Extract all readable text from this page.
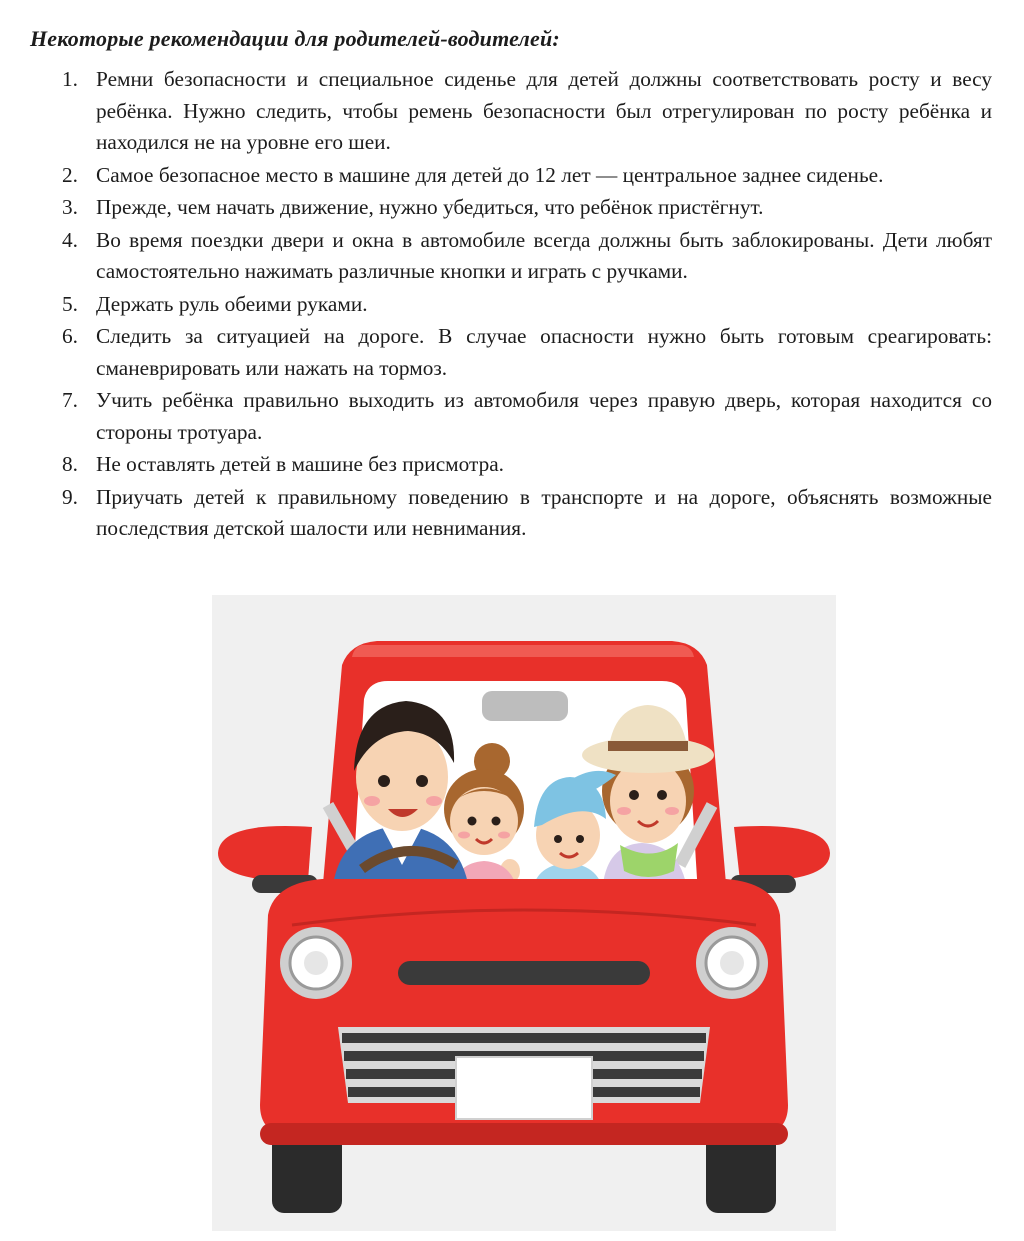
Некоторые рекомендации для родителей-водителей:
1. Ремни безопасности и специальное сиденье для детей должны соответствовать росту и весу ребёнка. Нужно следить, чтобы ремень безопасности был отрегулирован по росту ребёнка и находился не на уровне его шеи.
2. Самое безопасное место в машине для детей до 12 лет — центральное заднее сиденье.
3. Прежде, чем начать движение, нужно убедиться, что ребёнок пристёгнут.
4. Во время поездки двери и окна в автомобиле всегда должны быть заблокированы. Дети любят самостоятельно нажимать различные кнопки и играть с ручками.
5. Держать руль обеими руками.
6. Следить за ситуацией на дороге. В случае опасности нужно быть готовым среагировать: сманеврировать или нажать на тормоз.
7. Учить ребёнка правильно выходить из автомобиля через правую дверь, которая находится со стороны тротуара.
8. Не оставлять детей в машине без присмотра.
9. Приучать детей к правильному поведению в транспорте и на дороге, объяснять возможные последствия детской шалости или невнимания.
